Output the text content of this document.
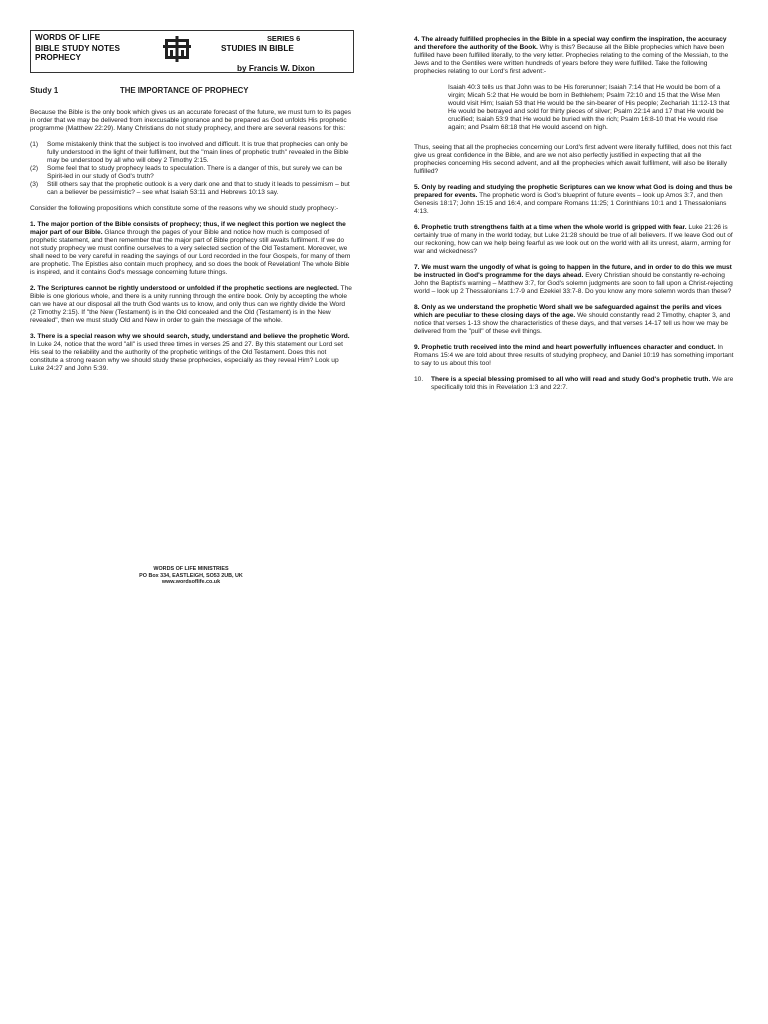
WORDS OF LIFE
BIBLE STUDY NOTES
PROPHECY
SERIES 6
STUDIES IN BIBLE
by Francis W. Dixon
Study 1	THE IMPORTANCE OF PROPHECY

Because the Bible is the only book which gives us an accurate forecast of the future, we must turn to its pages in order that we may be delivered from inexcusable ignorance and be prepared as God unfolds His prophetic programme (Matthew 22:29). Many Christians do not study prophecy, and there are several reasons for this:

(1) Some mistakenly think that the subject is too involved and difficult. It is true that prophecies can only be fully understood in the light of their fulfilment, but the "main lines of prophetic truth" revealed in the Bible may be understood by all who will obey 2 Timothy 2:15.
(2) Some feel that to study prophecy leads to speculation. There is a danger of this, but surely we can be Spirit-led in our study of God's truth?
(3) Still others say that the prophetic outlook is a very dark one and that to study it leads to pessimism – but can a believer be pessimistic? – see what Isaiah 53:11 and Hebrews 10:13 say.

Consider the following propositions which constitute some of the reasons why we should study prophecy:-

1. The major portion of the Bible consists of prophecy; thus, if we neglect this portion we neglect the major part of our Bible. Glance through the pages of your Bible and notice how much is composed of prophetic statement, and then remember that the major part of Bible prophecy still awaits fulfilment. If we do not study prophecy we must confine ourselves to a very selected section of the Old Testament. Moreover, we shall need to be very careful in reading the sayings of our Lord recorded in the four Gospels, for many of them are prophetic. The Epistles also contain much prophecy, and so does the book of Revelation! The whole Bible is inspired, and it contains God's message concerning future things.

2. The Scriptures cannot be rightly understood or unfolded if the prophetic sections are neglected. The Bible is one glorious whole, and there is a unity running through the entire book. Only by accepting the whole can we have at our disposal all the truth God wants us to know, and only thus can we rightly divide the Word (2 Timothy 2:15). If "the New (Testament) is in the Old concealed and the Old (Testament) is in the New revealed", then we must study Old and New in order to gain the message of the whole.

3. There is a special reason why we should search, study, understand and believe the prophetic Word. In Luke 24, notice that the word "all" is used three times in verses 25 and 27. By this statement our Lord set His seal to the reliability and the authority of the prophetic writings of the Old Testament. Does this not constitute a strong reason why we should study these prophecies, especially as they reveal Him? Look up Luke 24:27 and John 5:39.

WORDS OF LIFE MINISTRIES
PO Box 334, EASTLEIGH, SO53 2UB, UK
www.wordsoflife.co.uk

4. The already fulfilled prophecies in the Bible in a special way confirm the inspiration, the accuracy and therefore the authority of the Book. Why is this? Because all the Bible prophecies which have been fulfilled have been fulfilled literally, to the very letter. Prophecies relating to the coming of the Messiah, to the Jews and to the Gentiles were written hundreds of years before they were fulfilled. Take the following prophecies relating to our Lord's first advent:-

Isaiah 40:3 tells us that John was to be His forerunner; Isaiah 7:14 that He would be born of a virgin; Micah 5:2 that He would be born in Bethlehem; Psalm 72:10 and 15 that the Wise Men would visit Him; Isaiah 53 that He would be the sin-bearer of His people; Zechariah 11:12-13 that He would be betrayed and sold for thirty pieces of silver; Psalm 22:14 and 17 that He would be crucified; Isaiah 53:9 that He would be buried with the rich; Psalm 16:8-10 that He would rise again; and Psalm 68:18 that He would ascend on high.

Thus, seeing that all the prophecies concerning our Lord's first advent were literally fulfilled, does not this fact give us great confidence in the Bible, and are we not also perfectly justified in expecting that all the prophecies concerning His second advent, and all the prophecies which await fulfilment, will also be literally fulfilled?

5. Only by reading and studying the prophetic Scriptures can we know what God is doing and thus be prepared for events. The prophetic word is God's blueprint of future events – look up Amos 3:7, and then Genesis 18:17; John 15:15 and 16:4, and compare Romans 11:25; 1 Corinthians 10:1 and 1 Thessalonians 4:13.

6. Prophetic truth strengthens faith at a time when the whole world is gripped with fear. Luke 21:26 is certainly true of many in the world today, but Luke 21:28 should be true of all believers. If we leave God out of our reckoning, how can we help being fearful as we look out on the world with all its unrest, alarm, arming for war and wickedness?

7. We must warn the ungodly of what is going to happen in the future, and in order to do this we must be instructed in God's programme for the days ahead. Every Christian should be constantly re-echoing John the Baptist's warning – Matthew 3:7, for God's solemn judgments are soon to fall upon a Christ-rejecting world – look up 2 Thessalonians 1:7-9 and Ezekiel 33:7-8. Do you know any more solemn words than these?

8. Only as we understand the prophetic Word shall we be safeguarded against the perils and vices which are peculiar to these closing days of the age. We should constantly read 2 Timothy, chapter 3, and notice that verses 1-13 show the characteristics of these days, and that verses 14-17 tell us how we may be delivered from the "pull" of these evil things.

9. Prophetic truth received into the mind and heart powerfully influences character and conduct. In Romans 15:4 we are told about three results of studying prophecy, and Daniel 10:19 has something important to say to us about this too!

10. There is a special blessing promised to all who will read and study God's prophetic truth. We are specifically told this in Revelation 1:3 and 22:7.
